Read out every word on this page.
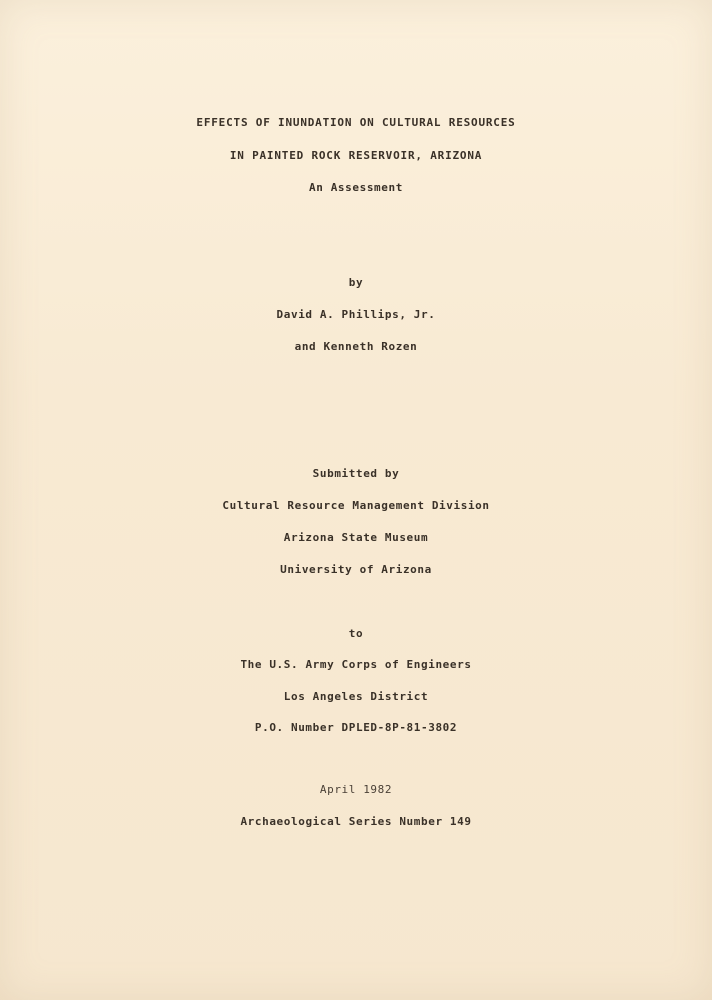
EFFECTS OF INUNDATION ON CULTURAL RESOURCES
IN PAINTED ROCK RESERVOIR, ARIZONA
An Assessment
by
David A. Phillips, Jr.
and Kenneth Rozen
Submitted by
Cultural Resource Management Division
Arizona State Museum
University of Arizona
to
The U.S. Army Corps of Engineers
Los Angeles District
P.O. Number DPLED-8P-81-3802
April 1982
Archaeological Series Number 149
